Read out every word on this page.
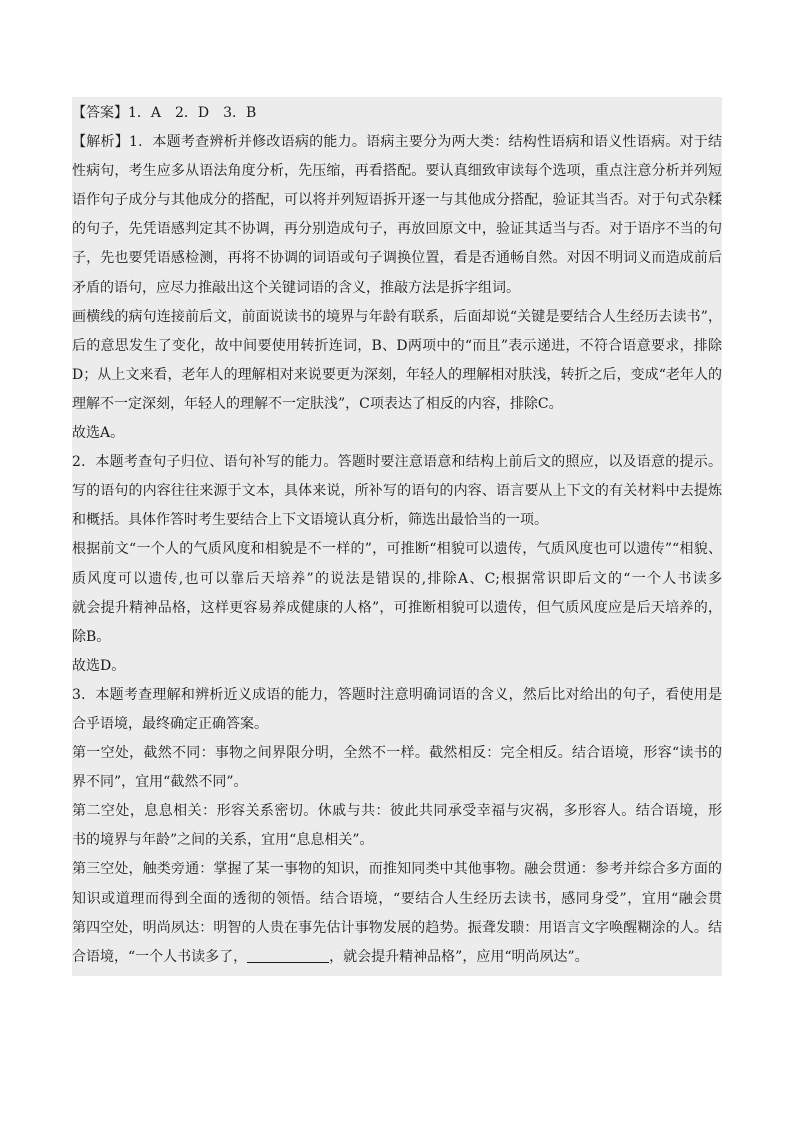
【答案】1．A　2．D　3．B
【解析】1．本题考查辨析并修改语病的能力。语病主要分为两大类：结构性语病和语义性语病。对于结
性病句，考生应多从语法角度分析，先压缩，再看搭配。要认真细致审读每个选项，重点注意分析并列短
语作句子成分与其他成分的搭配，可以将并列短语拆开逐一与其他成分搭配，验证其当否。对于句式杂糅
的句子，先凭语感判定其不协调，再分别造成句子，再放回原文中，验证其适当与否。对于语序不当的句
子，先也要凭语感检测，再将不协调的词语或句子调换位置，看是否通畅自然。对因不明词义而造成前后
矛盾的语句，应尽力推敲出这个关键词语的含义，推敲方法是拆字组词。
画横线的病句连接前后文，前面说读书的境界与年龄有联系，后面却说“关键是要结合人生经历去读书”，
后的意思发生了变化，故中间要使用转折连词，B、D两项中的“而且”表示递进，不符合语意要求，排除
D；从上文来看，老年人的理解相对来说要更为深刻，年轻人的理解相对肤浅，转折之后，变成“老年人的
理解不一定深刻，年轻人的理解不一定肤浅”，C项表达了相反的内容，排除C。
故选A。
2．本题考查句子归位、语句补写的能力。答题时要注意语意和结构上前后文的照应，以及语意的提示。
写的语句的内容往往来源于文本，具体来说，所补写的语句的内容、语言要从上下文的有关材料中去提炼
和概括。具体作答时考生要结合上下文语境认真分析，筛选出最恰当的一项。
根据前文“一个人的气质风度和相貌是不一样的”，可推断“相貌可以遗传，气质风度也可以遗传”“相貌、
质风度可以遗传,也可以靠后天培养”的说法是错误的,排除A、C;根据常识即后文的“一个人书读多
就会提升精神品格，这样更容易养成健康的人格”，可推断相貌可以遗传，但气质风度应是后天培养的，
除B。
故选D。
3．本题考查理解和辨析近义成语的能力，答题时注意明确词语的含义，然后比对给出的句子，看使用是
合乎语境，最终确定正确答案。
第一空处，截然不同：事物之间界限分明，全然不一样。截然相反：完全相反。结合语境，形容“读书的
界不同”，宜用“截然不同”。
第二空处，息息相关：形容关系密切。休戚与共：彼此共同承受幸福与灾祸，多形容人。结合语境，形
书的境界与年龄”之间的关系，宜用“息息相关”。
第三空处，触类旁通：掌握了某一事物的知识，而推知同类中其他事物。融会贯通：参考并综合多方面的
知识或道理而得到全面的透彻的领悟。结合语境，“要结合人生经历去读书，感同身受”，宜用“融会贯
第四空处，明尚夙达：明智的人贵在事先估计事物发展的趋势。振聋发聩：用语言文字唤醒糊涂的人。结
合语境，“一个人书读多了，	，就会提升精神品格”，应用“明尚夙达”。
